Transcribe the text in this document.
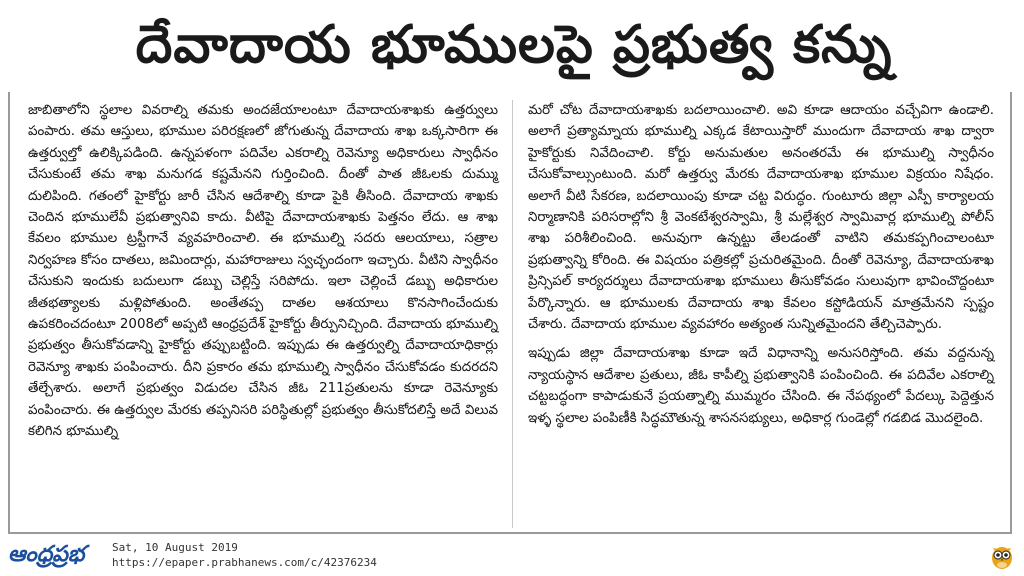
దేవాదాయ భూములపై ప్రభుత్వ కన్ను

జాబితాలోని స్థలాల వివరాల్ని తమకు అందజేయాలంటూ దేవాదాయశాఖకు ఉత్తర్వులు పంపారు. తమ ఆస్తులు, భూముల పరిరక్షణలో జోగుతున్న దేవాదాయ శాఖ ఒక్కసారిగా ఈ ఉత్తర్వుల్తో ఉలిక్కిపడింది. ఉన్నపళంగా పదివేల ఎకరాల్ని రెవెన్యూ అధికారులు స్వాధీనం చేసుకుంటే తమ శాఖ మనుగడ కష్టమేనని గుర్తించింది. దీంతో పాత జీఓలకు దుమ్ము దులిపింది. గతంలో హైకోర్టు జారీ చేసిన ఆదేశాల్ని కూడా పైకి తీసింది. దేవాదాయ శాఖకు చెందిన భూములేవీ ప్రభుత్వానివి కాదు. వీటిపై దేవాదాయశాఖకు పెత్తనం లేదు. ఆ శాఖ కేవలం భూముల ట్రస్టీగానే వ్యవహరించాలి. ఈ భూముల్ని సదరు ఆలయాలు, సత్రాల నిర్వహణ కోసం దాతలు, జమిందార్లు, మహారాజులు స్వచ్ఛందంగా ఇచ్చారు. వీటిని స్వాధీనం చేసుకుని ఇందుకు బదులుగా డబ్బు చెల్లిస్తే సరిపోదు. ఇలా చెల్లించే డబ్బు అధికారుల జీతభత్యాలకు మళ్లిపోతుంది. అంతేతప్ప దాతల ఆశయాలు కొనసాగించేందుకు ఉపకరించదంటూ 2008లో అప్పటి ఆంధ్రప్రదేశ్ హైకోర్టు తీర్పునిచ్చింది. దేవాదాయ భూముల్ని ప్రభుత్వం తీసుకోవడాన్ని హైకోర్టు తప్పుబట్టింది. ఇప్పుడు ఈ ఉత్తర్వుల్ని దేవాదాయాధికార్లు రెవెన్యూ శాఖకు పంపించారు. దీని ప్రకారం తమ భూముల్ని స్వాధీనం చేసుకోవడం కుదరదని తేల్చేశారు. అలాగే ప్రభుత్వం విడుదల చేసిన జీఓ 211ప్రతులను కూడా రెవెన్యూకు పంపించారు. ఈ ఉత్తర్వుల మేరకు తప్పనిసరి పరిస్థితుల్లో ప్రభుత్వం తీసుకోదలిస్తే అదే విలువ కలిగిన భూముల్ని

మరో చోట దేవాదాయశాఖకు బదలాయించాలి. అవి కూడా ఆదాయం వచ్చేవిగా ఉండాలి. అలాగే ప్రత్యామ్నాయ భూముల్ని ఎక్కడ కేటాయిస్తారో ముందుగా దేవాదాయ శాఖ ద్వారా హైకోర్టుకు నివేదించాలి. కోర్టు అనుమతుల అనంతరమే ఈ భూముల్ని స్వాధీనం చేసుకోవాల్సుంటుంది. మరో ఉత్తర్వు మేరకు దేవాదాయశాఖ భూముల విక్రయం నిషేధం. అలాగే వీటి సేకరణ, బదలాయింపు కూడా చట్ట విరుద్ధం. గుంటూరు జిల్లా ఎస్పీ కార్యాలయ నిర్మాణానికి పరిసరాల్లోని శ్రీ వెంకటేశ్వరస్వామి, శ్రీ మల్లేశ్వర స్వామివార్ల భూముల్ని పోలీస్ శాఖ పరిశీలించింది. అనువుగా ఉన్నట్టు తేలడంతో వాటిని తమకప్పగించాలంటూ ప్రభుత్వాన్ని కోరింది. ఈ విషయం పత్రికల్లో ప్రచురితమైంది. దీంతో రెవెన్యూ, దేవాదాయశాఖ ప్రిన్సిపల్ కార్యదర్శులు దేవాదాయశాఖ భూములు తీసుకోవడం సులువుగా భావించొద్దంటూ పేర్కొన్నారు. ఆ భూములకు దేవాదాయ శాఖ కేవలం కస్టోడియన్ మాత్రమేనని స్పష్టం చేశారు. దేవాదాయ భూముల వ్యవహారం అత్యంత సున్నితమైందని తేల్చిచెప్పారు.

ఇప్పుడు జిల్లా దేవాదాయశాఖ కూడా ఇదే విధానాన్ని అనుసరిస్తోంది. తమ వద్దనున్న న్యాయస్థాన ఆదేశాల ప్రతులు, జీఓ కాపీల్ని ప్రభుత్వానికి పంపించింది. ఈ పదివేల ఎకరాల్ని చట్టబద్ధంగా కాపాడుకునే ప్రయత్నాల్ని ముమ్మరం చేసింది. ఈ నేపథ్యంలో పేదల్కు పెద్దెత్తున ఇళ్ళ స్థలాల పంపిణీకి సిద్ధమౌతున్న శాసనసభ్యులు, అధికార్ల గుండెల్లో గడబిడ మొదలైంది.

ఆంధ్రప్రభ	Sat, 10 August 2019
https://epaper.prabhanews.com/c/42376234
